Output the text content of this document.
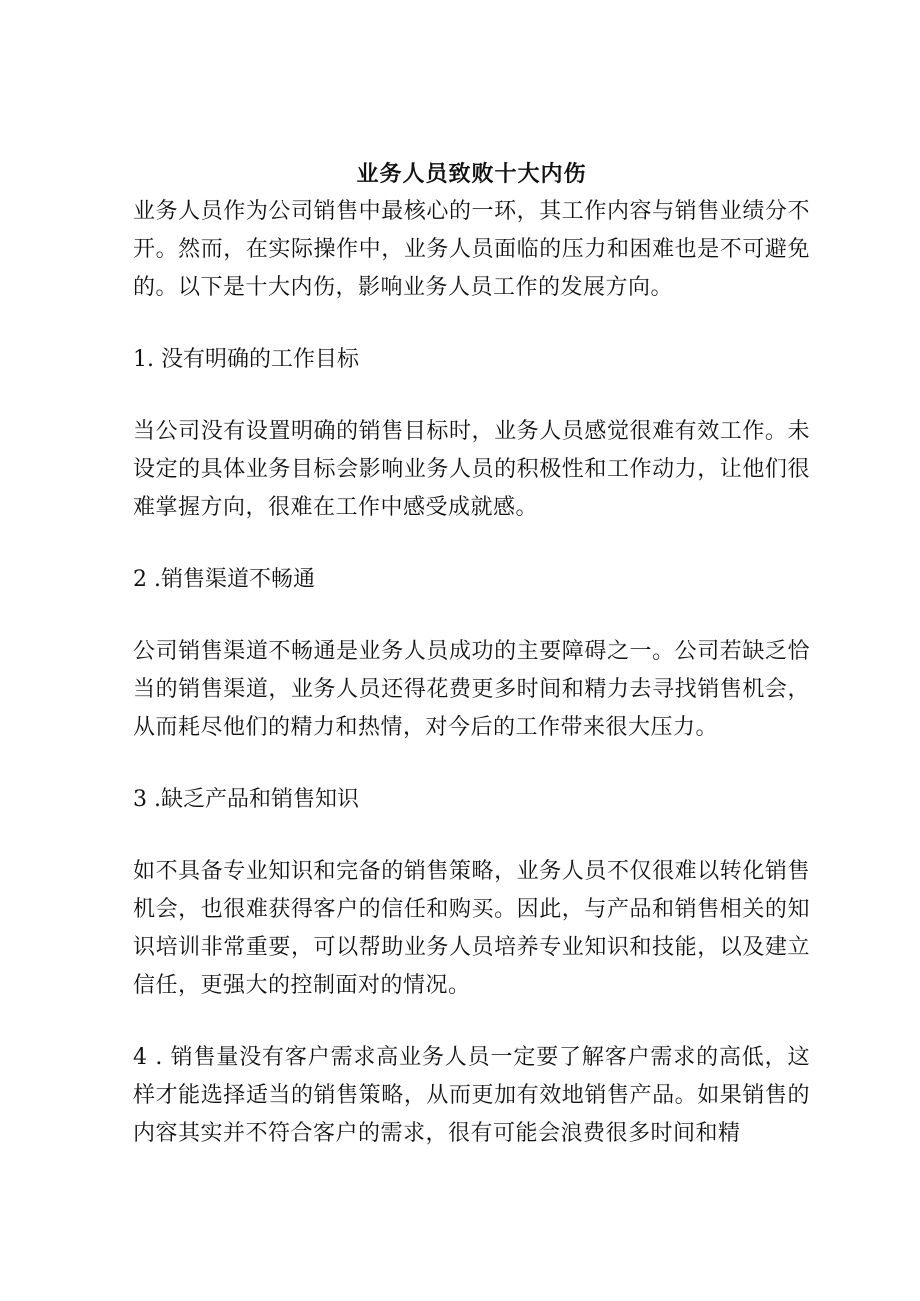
业务人员致败十大内伤

业务人员作为公司销售中最核心的一环，其工作内容与销售业绩分不开。然而，在实际操作中，业务人员面临的压力和困难也是不可避免的。以下是十大内伤，影响业务人员工作的发展方向。

1. 没有明确的工作目标

当公司没有设置明确的销售目标时，业务人员感觉很难有效工作。未设定的具体业务目标会影响业务人员的积极性和工作动力，让他们很难掌握方向，很难在工作中感受成就感。

2 .销售渠道不畅通

公司销售渠道不畅通是业务人员成功的主要障碍之一。公司若缺乏恰当的销售渠道，业务人员还得花费更多时间和精力去寻找销售机会，从而耗尽他们的精力和热情，对今后的工作带来很大压力。

3 .缺乏产品和销售知识

如不具备专业知识和完备的销售策略，业务人员不仅很难以转化销售机会，也很难获得客户的信任和购买。因此，与产品和销售相关的知识培训非常重要，可以帮助业务人员培养专业知识和技能，以及建立信任，更强大的控制面对的情况。

4 . 销售量没有客户需求高业务人员一定要了解客户需求的高低，这样才能选择适当的销售策略，从而更加有效地销售产品。如果销售的内容其实并不符合客户的需求，很有可能会浪费很多时间和精
